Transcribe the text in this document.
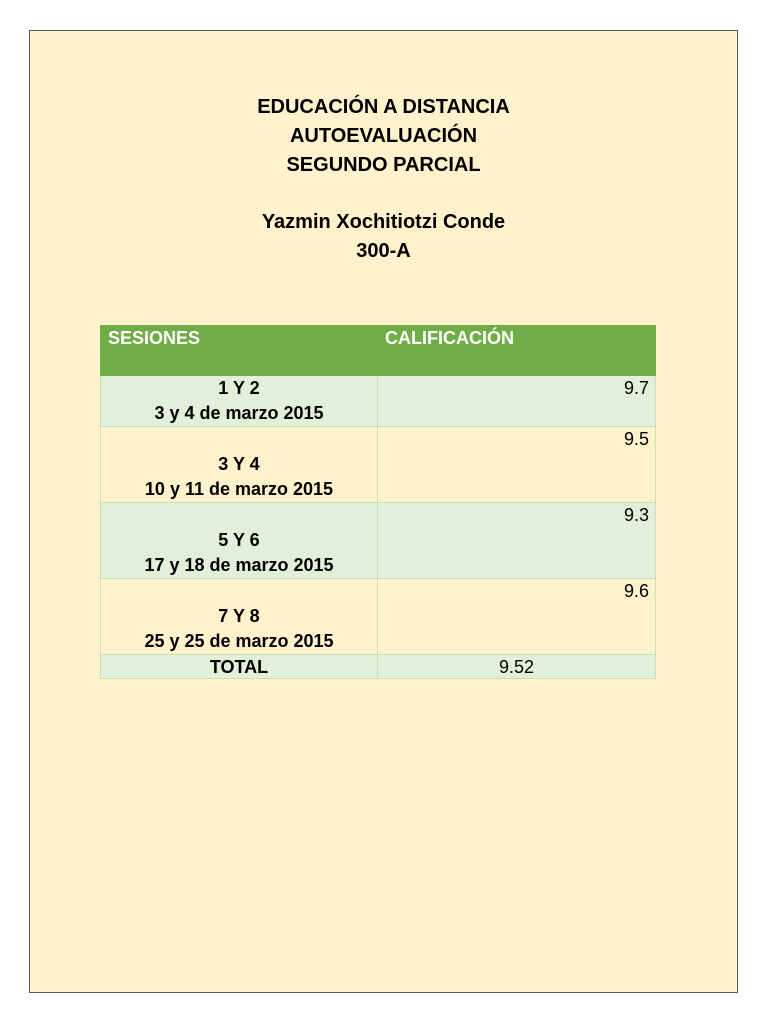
EDUCACIÓN A DISTANCIA
AUTOEVALUACIÓN
SEGUNDO PARCIAL
Yazmin Xochitiotzi Conde
300-A
SESIONES	CALIFICACIÓN

1 Y 2
3 y 4 de marzo 2015	9.7

3 Y 4
10 y 11 de marzo 2015	9.5

5 Y 6
17 y 18 de marzo 2015	9.3

7 Y 8
25 y 25 de marzo 2015	9.6
TOTAL	9.52
